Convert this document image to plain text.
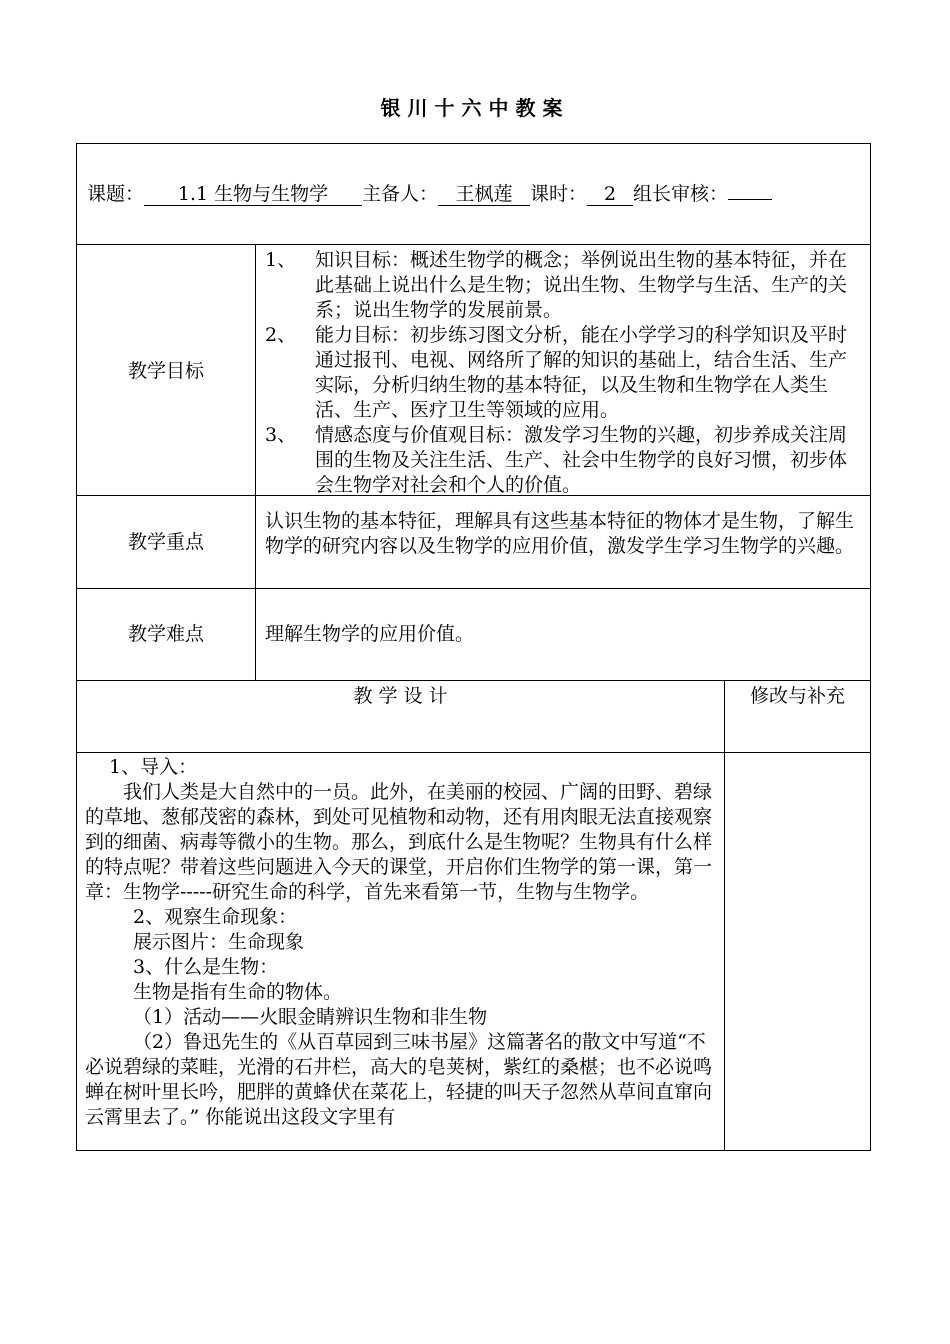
银川十六中教案
课题： 1.1 生物与生物学 主备人： 王枫莲 课时： 2 组长审核：
教学目标
1、 知识目标：概述生物学的概念；举例说出生物的基本特征，并在此基础上说出什么是生物；说出生物、生物学与生活、生产的关系；说出生物学的发展前景。
2、 能力目标：初步练习图文分析，能在小学学习的科学知识及平时通过报刊、电视、网络所了解的知识的基础上，结合生活、生产实际，分析归纳生物的基本特征，以及生物和生物学在人类生活、生产、医疗卫生等领域的应用。
3、 情感态度与价值观目标：激发学习生物的兴趣，初步养成关注周围的生物及关注生活、生产、社会中生物学的良好习惯，初步体会生物学对社会和个人的价值。
教学重点
认识生物的基本特征，理解具有这些基本特征的物体才是生物，了解生物学的研究内容以及生物学的应用价值，激发学生学习生物学的兴趣。
教学难点	理解生物学的应用价值。
教 学 设 计	修改与补充

1、导入：

我们人类是大自然中的一员。此外，在美丽的校园、广阔的田野、碧绿的草地、葱郁茂密的森林，到处可见植物和动物，还有用肉眼无法直接观察到的细菌、病毒等微小的生物。那么，到底什么是生物呢？生物具有什么样的特点呢？带着这些问题进入今天的课堂，开启你们生物学的第一课，第一章：生物学-----研究生命的科学，首先来看第一节，生物与生物学。

2、观察生命现象：

展示图片：生命现象

3、什么是生物：

生物是指有生命的物体。

（1）活动——火眼金睛辨识生物和非生物

（2）鲁迅先生的《从百草园到三味书屋》这篇著名的散文中写道“不必说碧绿的菜畦，光滑的石井栏，高大的皂荚树，紫红的桑椹；也不必说鸣蝉在树叶里长吟，肥胖的黄蜂伏在菜花上，轻捷的叫天子忽然从草间直窜向云霄里去了。” 你能说出这段文字里有
